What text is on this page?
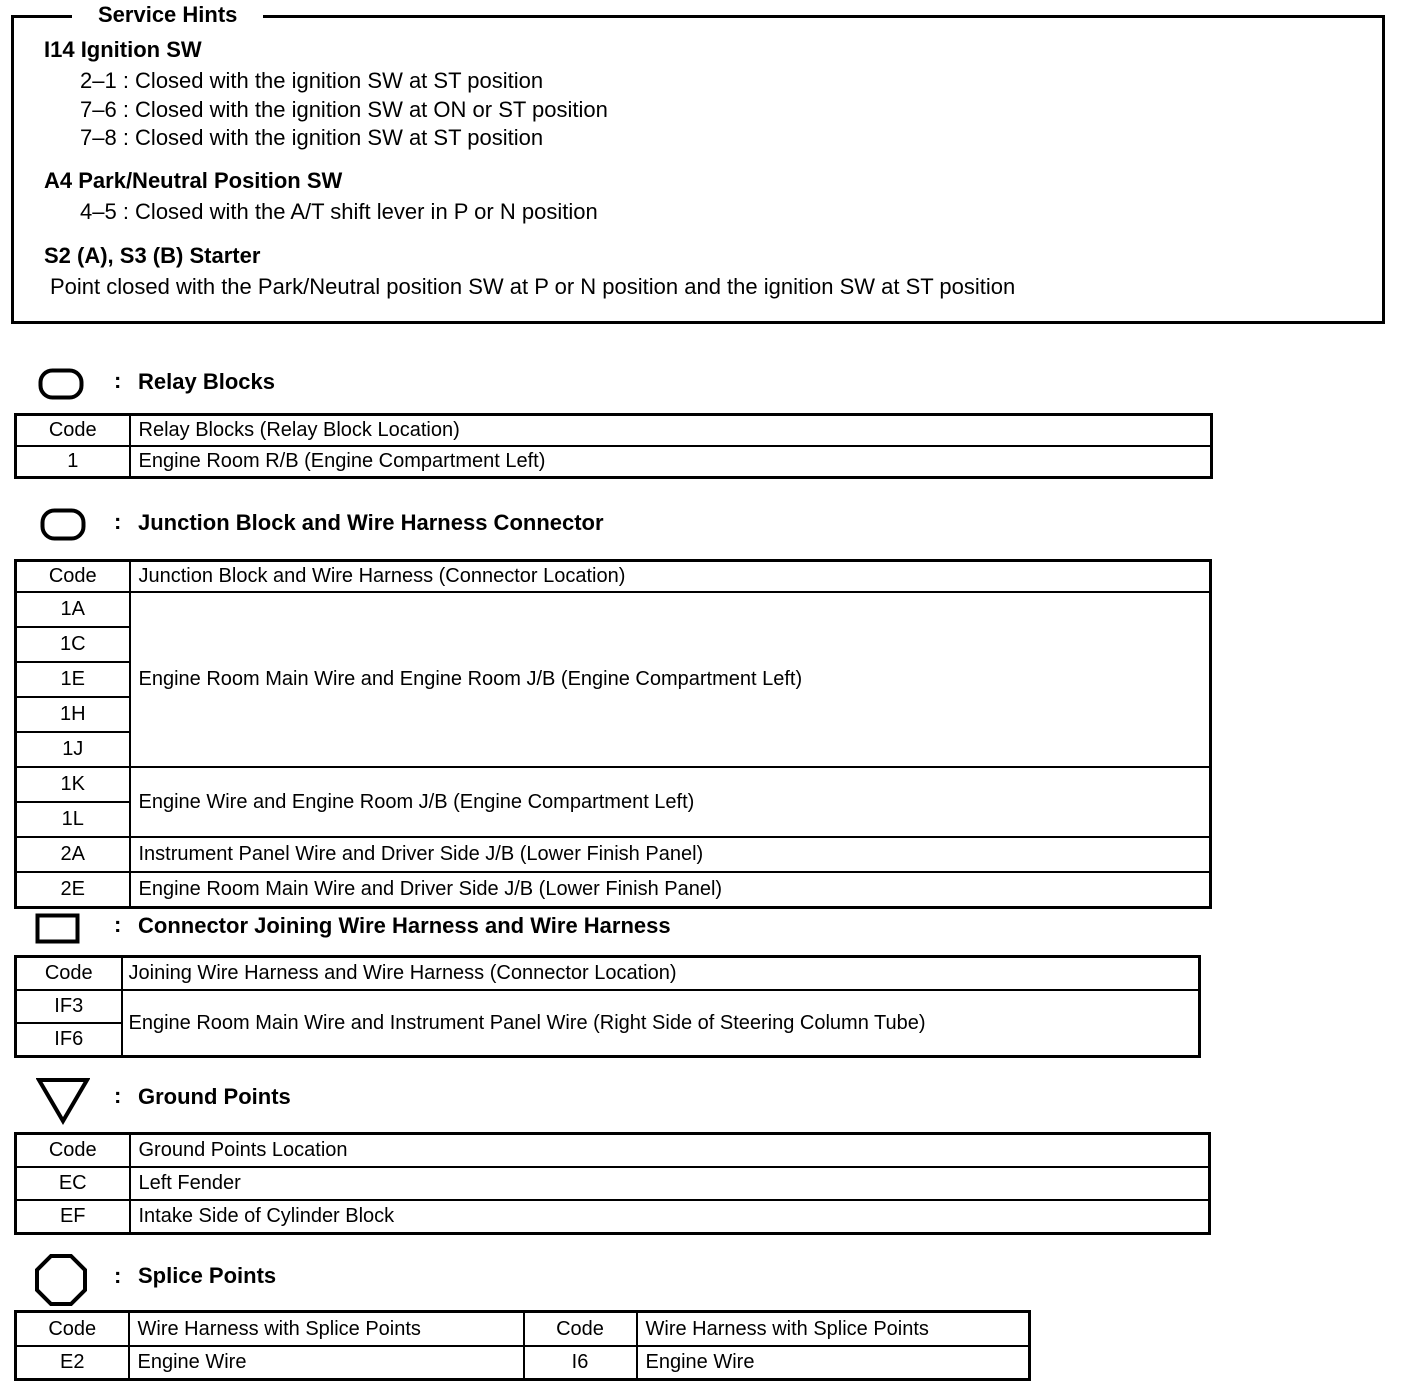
Service Hints
I14 Ignition SW
2–1 : Closed with the ignition SW at ST position
7–6 : Closed with the ignition SW at ON or ST position
7–8 : Closed with the ignition SW at ST position
A4 Park/Neutral Position SW
4–5 : Closed with the A/T shift lever in P or N position
S2 (A), S3 (B) Starter
Point closed with the Park/Neutral position SW at P or N position and the ignition SW at ST position
: Relay Blocks
Code	Relay Blocks (Relay Block Location)
1	Engine Room R/B (Engine Compartment Left)
: Junction Block and Wire Harness Connector
Code	Junction Block and Wire Harness (Connector Location)
1A	Engine Room Main Wire and Engine Room J/B (Engine Compartment Left)
1C	
1E	
1H	
1J	
1K	Engine Wire and Engine Room J/B (Engine Compartment Left)
1L	
2A	Instrument Panel Wire and Driver Side J/B (Lower Finish Panel)
2E	Engine Room Main Wire and Driver Side J/B (Lower Finish Panel)
: Connector Joining Wire Harness and Wire Harness
Code	Joining Wire Harness and Wire Harness (Connector Location)
IF3	Engine Room Main Wire and Instrument Panel Wire (Right Side of Steering Column Tube)
IF6	
: Ground Points
Code	Ground Points Location
EC	Left Fender
EF	Intake Side of Cylinder Block
: Splice Points
Code	Wire Harness with Splice Points	Code	Wire Harness with Splice Points
E2	Engine Wire	I6	Engine Wire
